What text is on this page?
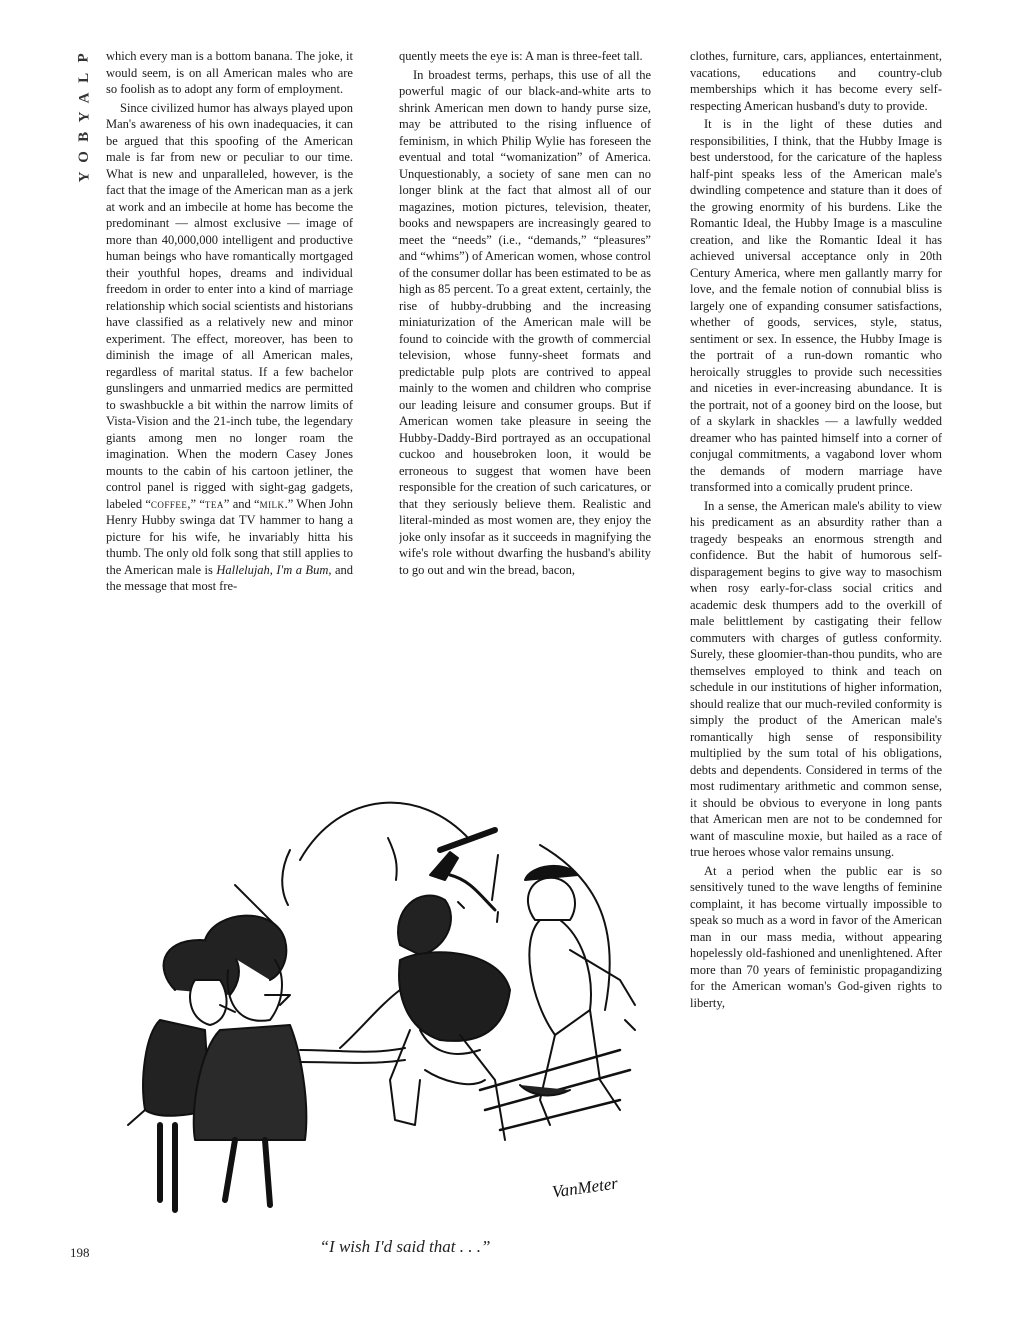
P
L
A
Y
B
O
Y

which every man is a bottom banana. The joke, it would seem, is on all American males who are so foolish as to adopt any form of employment.

Since civilized humor has always played upon Man's awareness of his own inadequacies, it can be argued that this spoofing of the American male is far from new or peculiar to our time. What is new and unparalleled, however, is the fact that the image of the American man as a jerk at work and an imbecile at home has become the predominant — almost exclusive — image of more than 40,000,000 intelligent and productive human beings who have romantically mortgaged their youthful hopes, dreams and individual freedom in order to enter into a kind of marriage relationship which social scientists and historians have classified as a relatively new and minor experiment. The effect, moreover, has been to diminish the image of all American males, regardless of marital status. If a few bachelor gunslingers and unmarried medics are permitted to swashbuckle a bit within the narrow limits of Vista-Vision and the 21-inch tube, the legendary giants among men no longer roam the imagination. When the modern Casey Jones mounts to the cabin of his cartoon jetliner, the control panel is rigged with sight-gag gadgets, labeled “coffee,” “tea” and “milk.” When John Henry Hubby swinga dat TV hammer to hang a picture for his wife, he invariably hitta his thumb. The only old folk song that still applies to the American male is Hallelujah, I'm a Bum, and the message that most fre-

quently meets the eye is: A man is three-feet tall.

In broadest terms, perhaps, this use of all the powerful magic of our black-and-white arts to shrink American men down to handy purse size, may be attributed to the rising influence of feminism, in which Philip Wylie has foreseen the eventual and total “womanization” of America. Unquestionably, a society of sane men can no longer blink at the fact that almost all of our magazines, motion pictures, television, theater, books and newspapers are increasingly geared to meet the “needs” (i.e., “demands,” “pleasures” and “whims”) of American women, whose control of the consumer dollar has been estimated to be as high as 85 percent. To a great extent, certainly, the rise of hubby-drubbing and the increasing miniaturization of the American male will be found to coincide with the growth of commercial television, whose funny-sheet formats and predictable pulp plots are contrived to appeal mainly to the women and children who comprise our leading leisure and consumer groups. But if American women take pleasure in seeing the Hubby-Daddy-Bird portrayed as an occupational cuckoo and housebroken loon, it would be erroneous to suggest that women have been responsible for the creation of such caricatures, or that they seriously believe them. Realistic and literal-minded as most women are, they enjoy the joke only insofar as it succeeds in magnifying the wife's role without dwarfing the husband's ability to go out and win the bread, bacon,

clothes, furniture, cars, appliances, entertainment, vacations, educations and country-club memberships which it has become every self-respecting American husband's duty to provide.

It is in the light of these duties and responsibilities, I think, that the Hubby Image is best understood, for the caricature of the hapless half-pint speaks less of the American male's dwindling competence and stature than it does of the growing enormity of his burdens. Like the Romantic Ideal, the Hubby Image is a masculine creation, and like the Romantic Ideal it has achieved universal acceptance only in 20th Century America, where men gallantly marry for love, and the female notion of connubial bliss is largely one of expanding consumer satisfactions, whether of goods, services, style, status, sentiment or sex. In essence, the Hubby Image is the portrait of a run-down romantic who heroically struggles to provide such necessities and niceties in ever-increasing abundance. It is the portrait, not of a gooney bird on the loose, but of a skylark in shackles — a lawfully wedded dreamer who has painted himself into a corner of conjugal commitments, a vagabond lover whom the demands of modern marriage have transformed into a comically prudent prince.

In a sense, the American male's ability to view his predicament as an absurdity rather than a tragedy bespeaks an enormous strength and confidence. But the habit of humorous self-disparagement begins to give way to masochism when rosy early-for-class social critics and academic desk thumpers add to the overkill of male belittlement by castigating their fellow commuters with charges of gutless conformity. Surely, these gloomier-than-thou pundits, who are themselves employed to think and teach on schedule in our institutions of higher information, should realize that our much-reviled conformity is simply the product of the American male's romantically high sense of responsibility multiplied by the sum total of his obligations, debts and dependents. Considered in terms of the most rudimentary arithmetic and common sense, it should be obvious to everyone in long pants that American men are not to be condemned for want of masculine moxie, but hailed as a race of true heroes whose valor remains unsung.

At a period when the public ear is so sensitively tuned to the wave lengths of feminine complaint, it has become virtually impossible to speak so much as a word in favor of the American man in our mass media, without appearing hopelessly old-fashioned and unenlightened. After more than 70 years of feministic propagandizing for the American woman's God-given rights to liberty,

VanMeter
“I wish I'd said that . . .”
198
